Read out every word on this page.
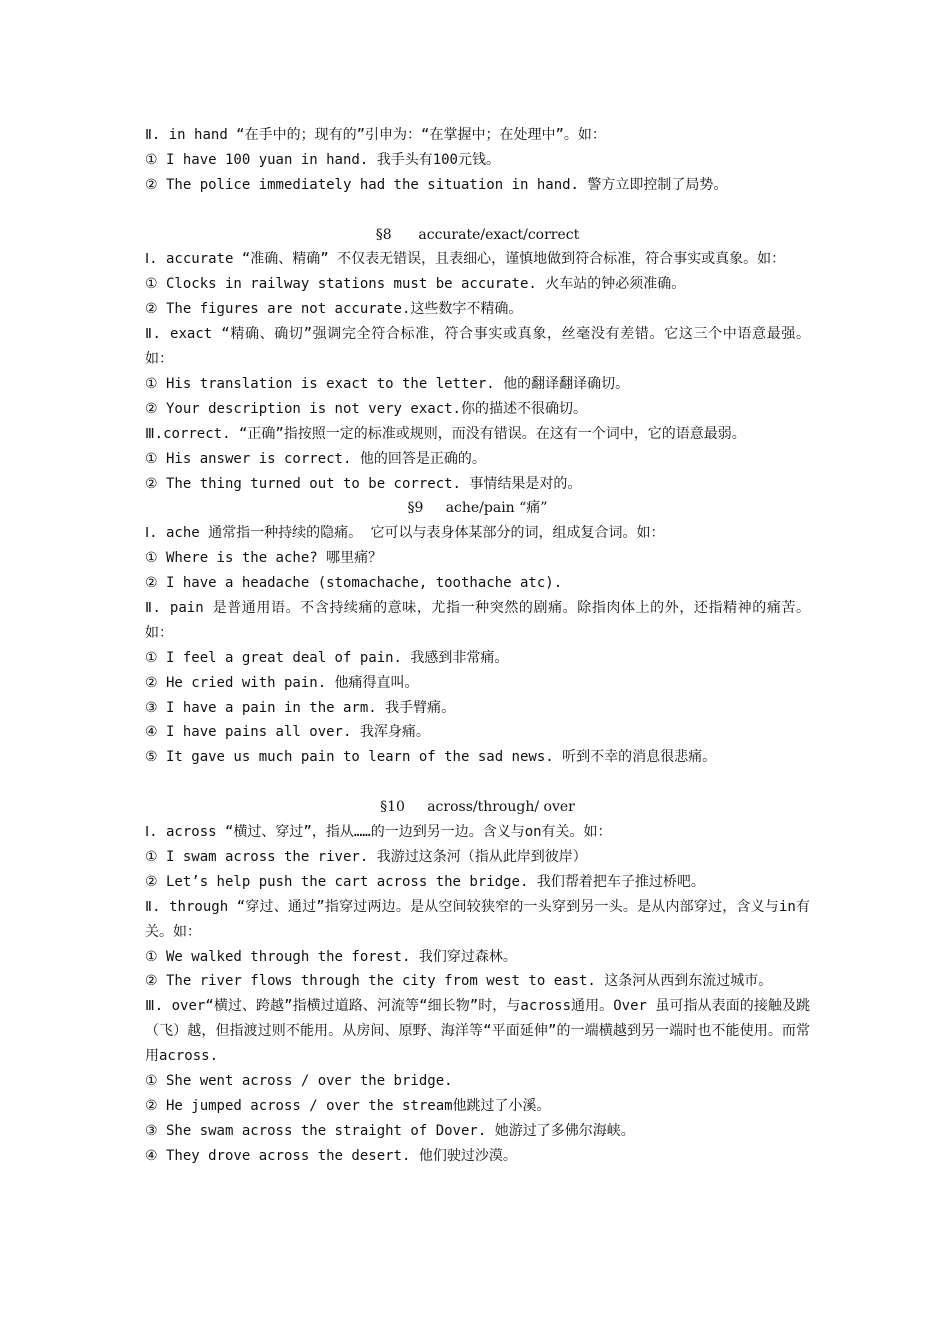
Ⅱ. in hand “在手中的；现有的”引申为：“在掌握中；在处理中”。如：
① I have 100 yuan in hand. 我手头有100元钱。
② The police immediately had the situation in hand. 警方立即控制了局势。
§8      accurate/exact/correct
Ⅰ. accurate “准确、精确” 不仅表无错误，且表细心，谨慎地做到符合标准，符合事实或真象。如：
① Clocks in railway stations must be accurate. 火车站的钟必须准确。
② The figures are not accurate.这些数字不精确。
Ⅱ. exact “精确、确切”强调完全符合标准，符合事实或真象，丝毫没有差错。它这三个中语意最强。如：
① His translation is exact to the letter. 他的翻译翻译确切。
② Your description is not very exact.你的描述不很确切。
Ⅲ.correct. “正确”指按照一定的标准或规则，而没有错误。在这有一个词中，它的语意最弱。
① His answer is correct. 他的回答是正确的。
② The thing turned out to be correct. 事情结果是对的。
§9     ache/pain “痛”
Ⅰ. ache 通常指一种持续的隐痛。 它可以与表身体某部分的词，组成复合词。如：
① Where is the ache? 哪里痛？
② I have a headache (stomachache, toothache atc).
Ⅱ. pain 是普通用语。不含持续痛的意味，尤指一种突然的剧痛。除指肉体上的外，还指精神的痛苦。如：
① I feel a great deal of pain. 我感到非常痛。
② He cried with pain. 他痛得直叫。
③ I have a pain in the arm. 我手臂痛。
④ I have pains all over. 我浑身痛。
⑤ It gave us much pain to learn of the sad news. 听到不幸的消息很悲痛。
§10     across/through/ over
Ⅰ. across “横过、穿过”，指从……的一边到另一边。含义与on有关。如：
① I swam across the river. 我游过这条河（指从此岸到彼岸）
② Let’s help push the cart across the bridge. 我们帮着把车子推过桥吧。
Ⅱ. through “穿过、通过”指穿过两边。是从空间较狭窄的一头穿到另一头。是从内部穿过，含义与in有关。如：
① We walked through the forest. 我们穿过森林。
② The river flows through the city from west to east. 这条河从西到东流过城市。
Ⅲ. over“横过、跨越”指横过道路、河流等“细长物”时，与across通用。Over 虽可指从表面的接触及跳（飞）越，但指渡过则不能用。从房间、原野、海洋等“平面延伸”的一端横越到另一端时也不能使用。而常用across.
① She went across / over the bridge.
② He jumped across / over the stream他跳过了小溪。
③ She swam across the straight of Dover. 她游过了多佛尔海峡。
④ They drove across the desert. 他们驶过沙漠。
